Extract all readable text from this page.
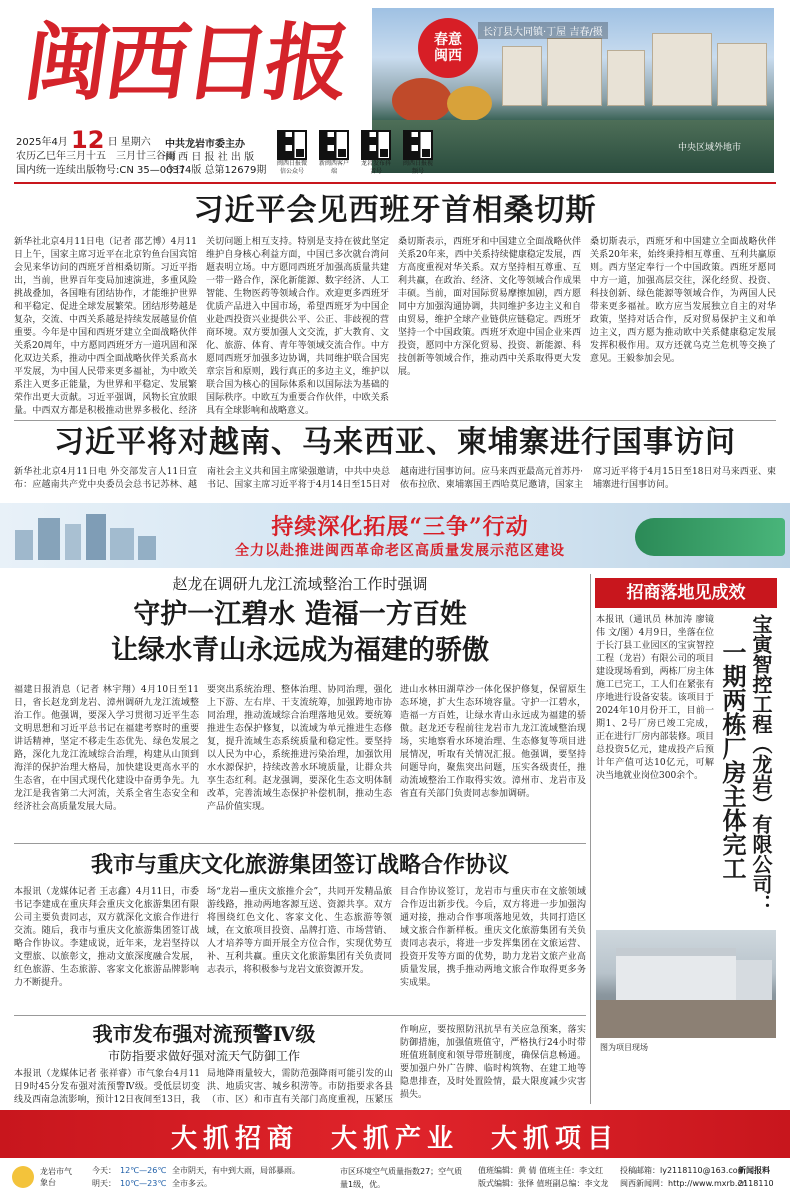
闽西日报	春意
闽西
长汀县大同镇·丁屋 吉春/摄
中央区域外地市
2025年4月 12 日 星期六
农历乙巳年三月十五　三月廿三谷雨
国内统一连续出版物号:CN 35—0037
中共龙岩市委主办
闽 西 日 报 社 出 版
今日4版 总第12679期
闽西日报微信公众号
新闽西客户端
龙岩发布抖音号
闽西日报视频号
习近平会见西班牙首相桑切斯
新华社北京4月11日电（记者 邵艺博）4月11日上午，国家主席习近平在北京钓鱼台国宾馆会见来华访问的西班牙首相桑切斯。习近平指出，当前，世界百年变局加速演进，多重风险挑战叠加，各国唯有团结协作，才能维护世界和平稳定、促进全球发展繁荣。团结形势越是复杂，交流、中西关系越是持续发展越显价值重要。今年是中国和西班牙建立全面战略伙伴关系20周年，中方愿同西班牙方一道巩固和深化双边关系，推动中西全面战略伙伴关系高水平发展，为中国人民带来更多福祉，为中欧关系注入更多正能量，为世界和平稳定、发展繁荣作出更大贡献。习近平强调，风物长宜放眼量。中西双方都是积极推动世界多极化、经济
关切问题上相互支持。特别是支持在彼此坚定维护自身核心利益方面，中国已多次就台湾问题表明立场。中方愿同西班牙加强高质量共建一带一路合作，深化新能源、数字经济、人工智能、生物医药等领域合作。欢迎更多西班牙优质产品进入中国市场，希望西班牙为中国企业赴西投资兴业提供公平、公正、非歧视的营商环境。双方要加强人文交流，扩大教育、文化、旅游、体育、青年等领域交流合作。中方愿同西班牙加强多边协调，共同维护联合国宪章宗旨和原则，践行真正的多边主义，维护以联合国为核心的国际体系和以国际法为基础的国际秩序。中欧互为重要合作伙伴，中欧关系具有全球影响和战略意义。
桑切斯表示，西班牙和中国建立全面战略伙伴关系20年来，西中关系持续健康稳定发展，西方高度重视对华关系。双方坚持相互尊重、互利共赢，在政治、经济、文化等领域合作成果丰硕。当前，面对国际贸易摩擦加剧，西方愿同中方加强沟通协调，共同维护多边主义和自由贸易，维护全球产业链供应链稳定。西班牙坚持一个中国政策。西班牙欢迎中国企业来西投资，愿同中方深化贸易、投资、新能源、科技创新等领域合作，推动西中关系取得更大发展。
桑切斯表示，西班牙和中国建立全面战略伙伴关系20年来，始终秉持相互尊重、互利共赢原则。西方坚定奉行一个中国政策。西班牙愿同中方一道，加强高层交往，深化经贸、投资、科技创新、绿色能源等领域合作，为两国人民带来更多福祉。欧方应当发展独立自主的对华政策，坚持对话合作，反对贸易保护主义和单边主义，西方愿为推动欧中关系健康稳定发展发挥积极作用。双方还就乌克兰危机等交换了意见。王毅参加会见。
习近平将对越南、马来西亚、柬埔寨进行国事访问
新华社北京4月11日电 外交部发言人11日宣布：应越南共产党中央委员会总书记苏林、越南社会主义共和国主席梁强邀请，中共中央总书记、国家主席习近平将于4月14日至15日对越南进行国事访问。应马来西亚最高元首苏丹·依布拉欣、柬埔寨国王西哈莫尼邀请，国家主席习近平将于4月15日至18日对马来西亚、柬埔寨进行国事访问。
持续深化拓展“三争”行动
全力以赴推进闽西革命老区高质量发展示范区建设
赵龙在调研九龙江流域整治工作时强调
守护一江碧水 造福一方百姓
让绿水青山永远成为福建的骄傲
福建日报消息（记者 林宇翔）4月10日至11日，省长赵龙到龙岩、漳州调研九龙江流域整治工作。他强调，要深入学习贯彻习近平生态文明思想和习近平总书记在福建考察时的重要讲话精神，坚定不移走生态优先、绿色发展之路，深化九龙江流域综合治理，构建从山顶到海洋的保护治理大格局，加快建设更高水平的生态省，在中国式现代化建设中奋勇争先。九龙江是我省第二大河流，关系全省生态安全和经济社会高质量发展大局。
要突出系统治理、整体治理、协同治理，强化上下游、左右岸、干支流统筹，加强跨地市协同治理，推动流域综合治理落地见效。要统筹推进生态保护修复，以流域为单元推进生态修复，提升流域生态系统质量和稳定性。要坚持以人民为中心，系统推进污染治理，加强饮用水水源保护，持续改善水环境质量，让群众共享生态红利。赵龙强调，要深化生态文明体制改革，完善流域生态保护补偿机制，推动生态产品价值实现。
进山水林田湖草沙一体化保护修复，保留原生态环境，扩大生态环境容量。守护一江碧水，造福一方百姓，让绿水青山永远成为福建的骄傲。赵龙还专程前往龙岩市九龙江流域整治现场，实地察看水环境治理、生态修复等项目进展情况，听取有关情况汇报。他强调，要坚持问题导向，聚焦突出问题，压实各级责任，推动流域整治工作取得实效。漳州市、龙岩市及省直有关部门负责同志参加调研。
我市与重庆文化旅游集团签订战略合作协议
本报讯（龙媒体记者 王志鑫）4月11日，市委书记李建成在重庆拜会重庆文化旅游集团有限公司主要负责同志，双方就深化文旅合作进行交流。随后，我市与重庆文化旅游集团签订战略合作协议。李建成说，近年来，龙岩坚持以文塑旅、以旅彰文，推动文旅深度融合发展，红色旅游、生态旅游、客家文化旅游品牌影响力不断提升。
场“龙岩—重庆文旅推介会”，共同开发精品旅游线路，推动两地客源互送、资源共享。双方将围绕红色文化、客家文化、生态旅游等领域，在文旅项目投资、品牌打造、市场营销、人才培养等方面开展全方位合作，实现优势互补、互利共赢。重庆文化旅游集团有关负责同志表示，将积极参与龙岩文旅资源开发。
目合作协议签订，龙岩市与重庆市在文旅领域合作迈出新步伐。今后，双方将进一步加强沟通对接，推动合作事项落地见效，共同打造区域文旅合作新样板。重庆文化旅游集团有关负责同志表示，将进一步发挥集团在文旅运营、投资开发等方面的优势，助力龙岩文旅产业高质量发展，携手推动两地文旅合作取得更多务实成果。
我市发布强对流预警Ⅳ级
市防指要求做好强对流天气防御工作
本报讯（龙媒体记者 张祥睿）市气象台4月11日9时45分发布强对流预警Ⅳ级。受低层切变线及西南急流影响，预计12日夜间至13日，我
局地降雨量较大，需防范强降雨可能引发的山洪、地质灾害、城乡积涝等。市防指要求各县（市、区）和市直有关部门高度重视，压紧压
作响应，要按照防汛抗旱有关应急预案，落实防御措施，加强值班值守，严格执行24小时带班值班制度和领导带班制度，确保信息畅通。要加强户外广告牌、临时构筑物、在建工地等隐患排查，及时处置险情，最大限度减少灾害损失。
招商落地见成效
本报讯（通讯员 林加涛 廖镜伟 文/图）4月9日，坐落在位于长汀县工业园区的宝寅智控工程（龙岩）有限公司的项目建设现场看到，两栋厂房主体施工已完工，工人们在紧张有序地进行设备安装。该项目于2024年10月份开工，目前一期1、2号厂房已竣工完成，正在进行厂房内部装修。项目总投资5亿元，建成投产后预计年产值可达10亿元，可解决当地就业岗位300余个。	宝寅智控工程（龙岩）有限公司：
一期两栋厂房主体完工
图为项目现场
大抓招商　大抓产业　大抓项目
龙岩市气象台
今天：
明天：
12℃—26℃
10℃—23℃
全市阴天，有中到大雨，局部暴雨。
全市多云。
市区环境空气质量指数27；空气质量1级，优。
值班编辑：黄 倩 值班主任：李文红
版式编辑：张怿 值班副总编：李文龙
投稿邮箱：ly2118110@163.com
闽西新闻网：http://www.mxrb.cn
新闻报料
2118110
